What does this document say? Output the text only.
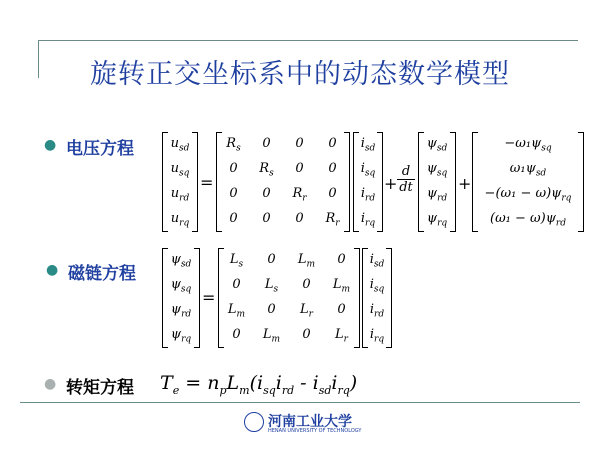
旋转正交坐标系中的动态数学模型
● 电压方程	$u_{sd}$
$u_{sq}$
$u_{rd}$
$u_{rq}$
=
$R_s$	0	0	0
0	$R_s$	0	0
0	0	$R_r$	0
0	0	0	$R_r$
$i_{sd}$
$i_{sq}$
$i_{rd}$
$i_{rq}$
+
d
dt
$\psi_{sd}$
$\psi_{sq}$
$\psi_{rd}$
$\psi_{rq}$
+
$-\omega_1\psi_{sq}$
$\omega_1\psi_{sd}$
$-(\omega_1 - \omega)\psi_{rq}$
$(\omega_1 - \omega)\psi_{rd}$
● 磁链方程
$\psi_{sd}$
$\psi_{sq}$
$\psi_{rd}$
$\psi_{rq}$
=
$L_s$	0	$L_m$	0
0	$L_s$	0	$L_m$
$L_m$	0	$L_r$	0
0	$L_m$	0	$L_r$
$i_{sd}$
$i_{sq}$
$i_{rd}$
$i_{rq}$
● 转矩方程 $T_e = n_pL_m(i_{sq}i_{rd} - i_{sd}i_{rq})$
河南工业大学
HENAN UNIVERSITY OF TECHNOLOGY
